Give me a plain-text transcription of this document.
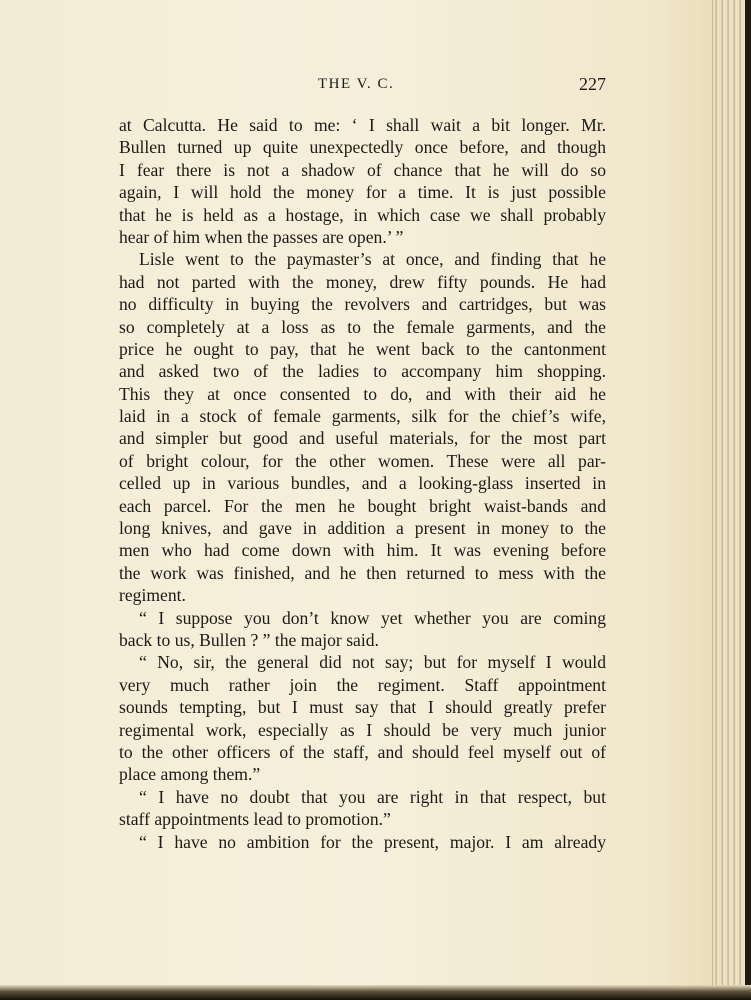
THE V. C.	227
at Calcutta. He said to me: ‘ I shall wait a bit longer. Mr.
Bullen turned up quite unexpectedly once before, and though
I fear there is not a shadow of chance that he will do so
again, I will hold the money for a time. It is just possible
that he is held as a hostage, in which case we shall probably
hear of him when the passes are open.’ ”
Lisle went to the paymaster’s at once, and finding that he
had not parted with the money, drew fifty pounds. He had
no difficulty in buying the revolvers and cartridges, but was
so completely at a loss as to the female garments, and the
price he ought to pay, that he went back to the cantonment
and asked two of the ladies to accompany him shopping.
This they at once consented to do, and with their aid he
laid in a stock of female garments, silk for the chief’s wife,
and simpler but good and useful materials, for the most part
of bright colour, for the other women. These were all par-
celled up in various bundles, and a looking-glass inserted in
each parcel. For the men he bought bright waist-bands and
long knives, and gave in addition a present in money to the
men who had come down with him. It was evening before
the work was finished, and he then returned to mess with the
regiment.
“ I suppose you don’t know yet whether you are coming
back to us, Bullen ? ” the major said.
“ No, sir, the general did not say; but for myself I would
very much rather join the regiment. Staff appointment
sounds tempting, but I must say that I should greatly prefer
regimental work, especially as I should be very much junior
to the other officers of the staff, and should feel myself out of
place among them.”
“ I have no doubt that you are right in that respect, but
staff appointments lead to promotion.”
“ I have no ambition for the present, major. I am already
